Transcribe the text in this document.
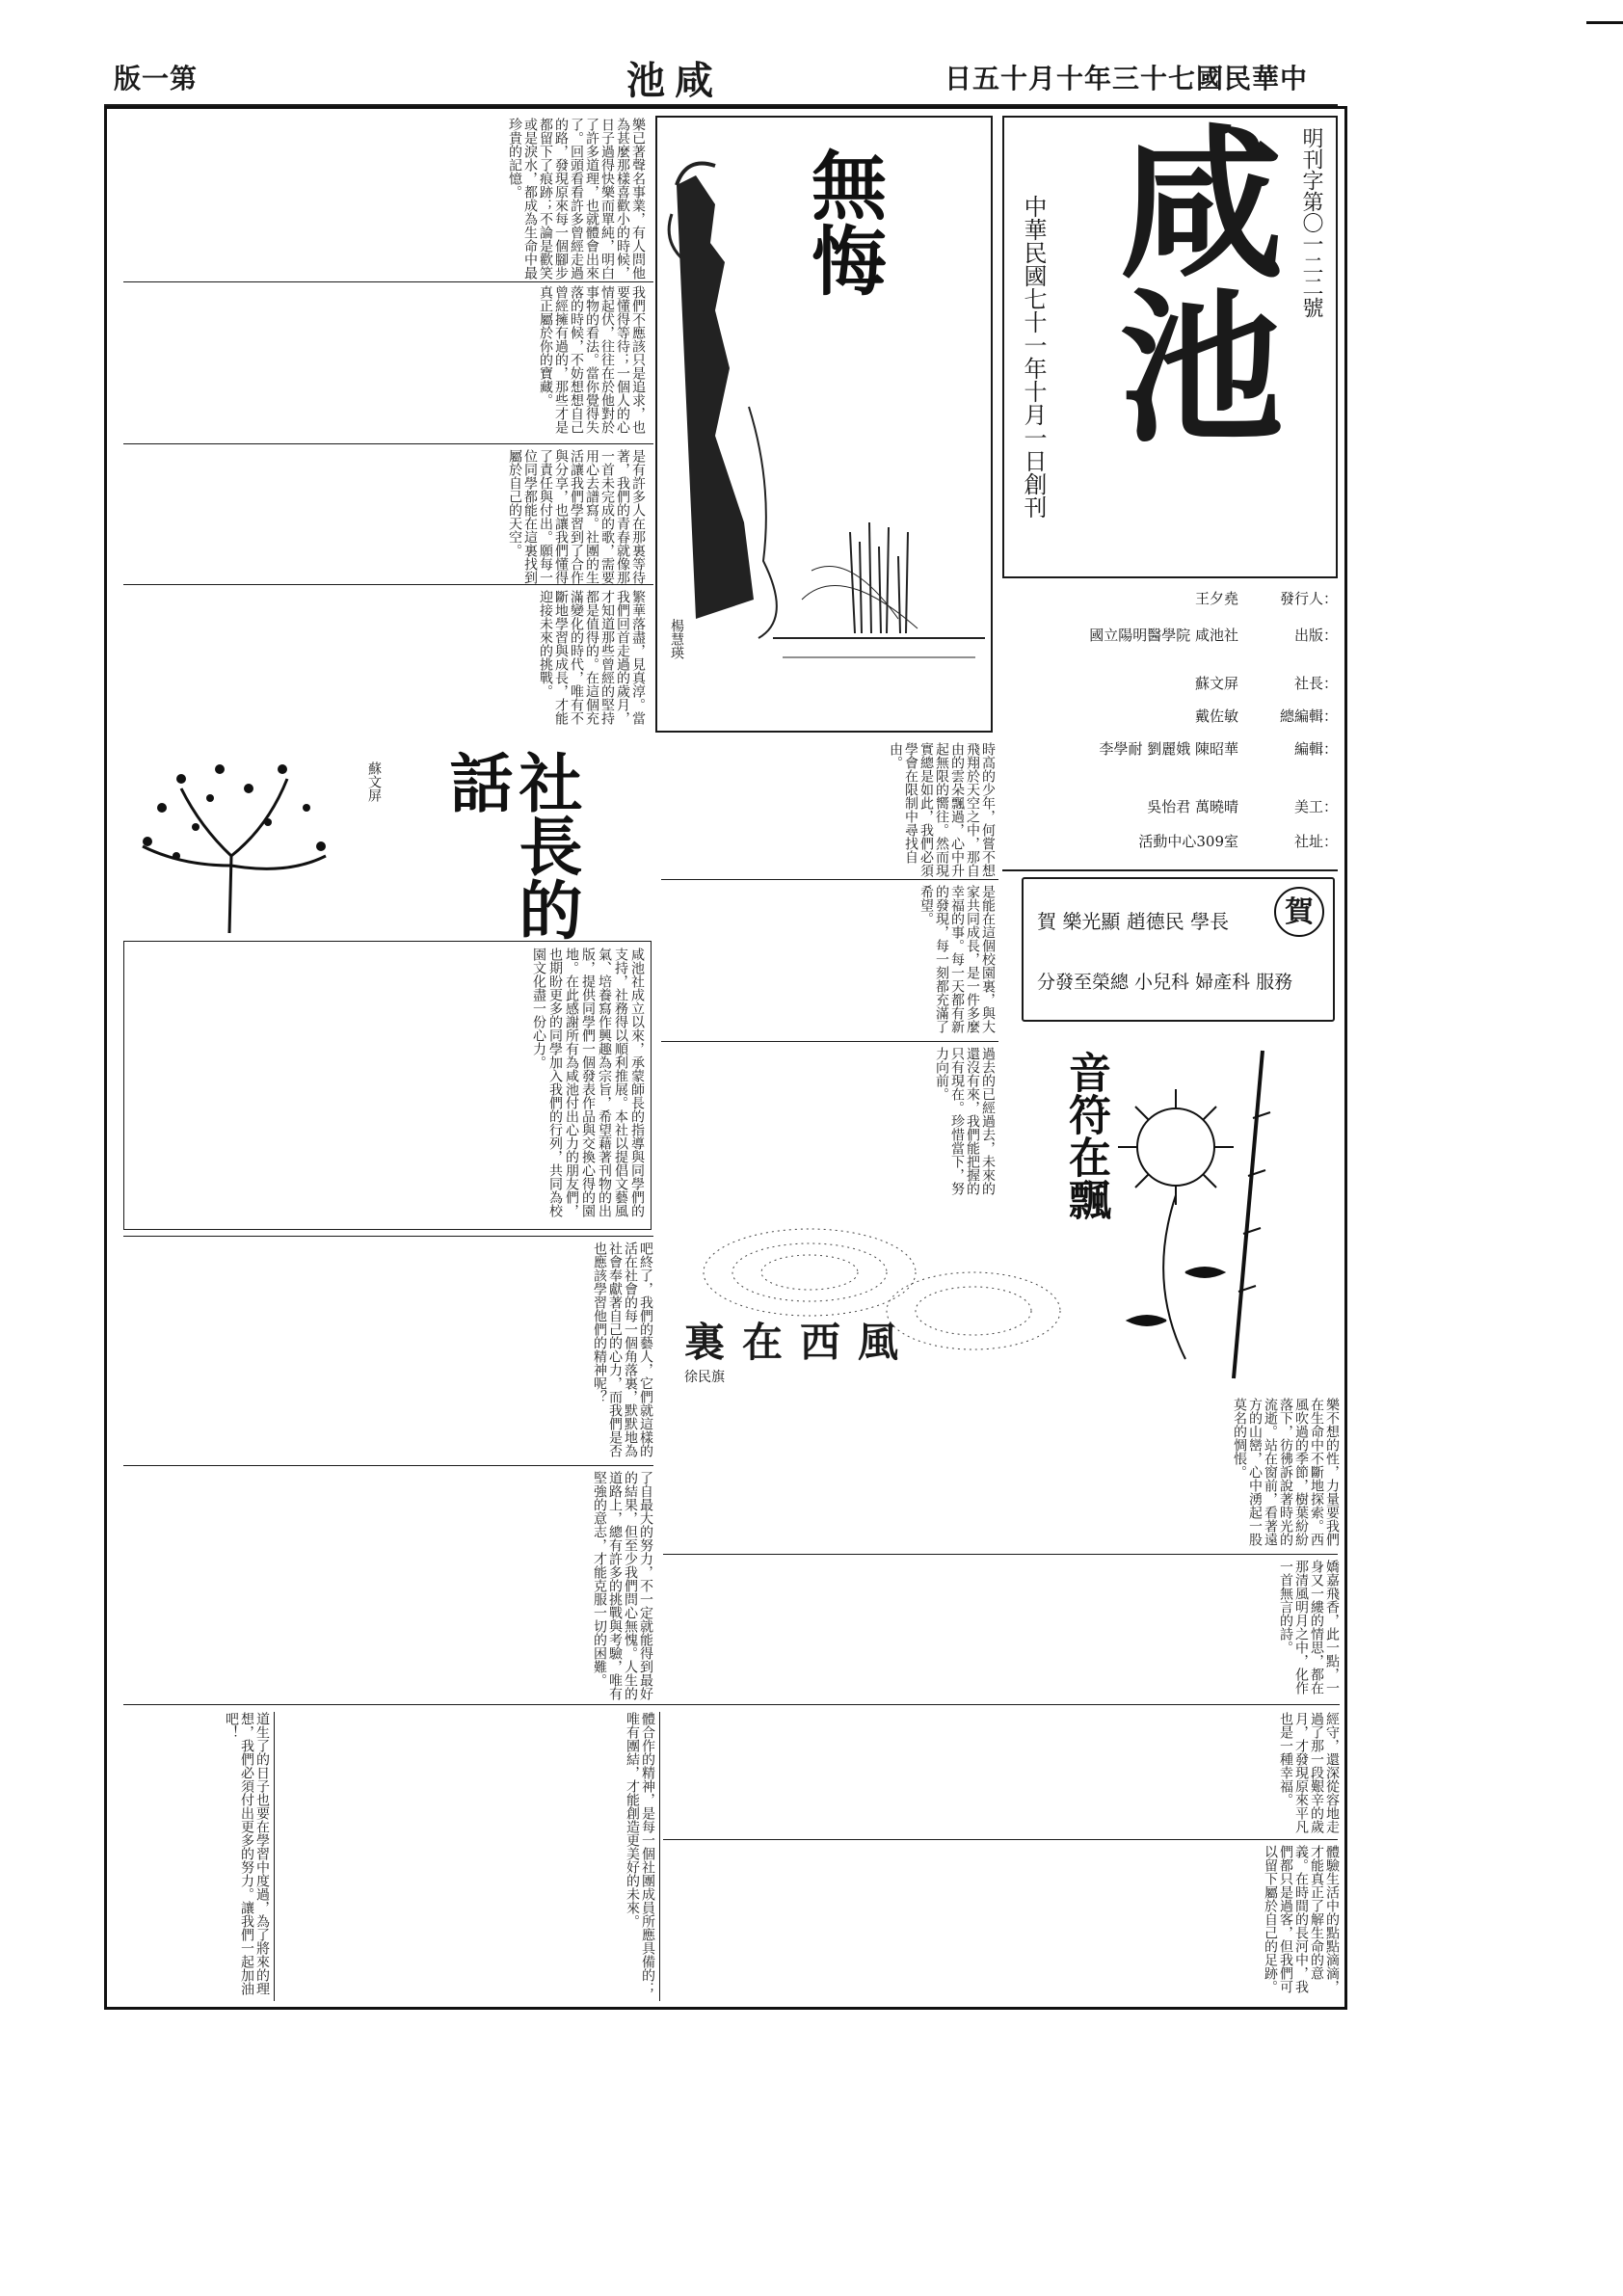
版一第	池咸	日五十月十年三十七國民華中
樂已著聲名事業，有人問他為甚麼那樣喜歡小的時候，日子過得快樂而單純，明白了許多道理，也就體會出來了。回頭看看許多曾經走過的路，發現原來每一個腳步都留下了痕跡；不論是歡笑或是淚水，都成為生命中最珍貴的記憶。
我們不應該只是追求，也要懂得等待；一個人的心情起伏，往往在於他對於事物的看法。當你覺得失落的時候，不妨想想自己曾經擁有過的，那些才是真正屬於你的寶藏。
是有許多人在那裏等待著，我們的青春就像那一首未完成的歌，需要用心去譜寫。社團的生活讓我們學習到了合作與分享，也讓我們懂得了責任與付出。願每一位同學都能在這裏找到屬於自己的天空。
繁華落盡，見真淳。當我們回首走過的歲月，才知道那些曾經的堅持都是值得的。在這個充滿變化的時代，唯有不斷地學習與成長，才能迎接未來的挑戰。
無悔
楊慧瑛
中華民國七十一年十月一日創刊 咸池 明刊字第〇一二二號
王夕堯	發行人：
國立陽明醫學院 咸池社	出版：
蘇文屏	社長：
戴佐敏	總編輯：
李學耐 劉麗娥 陳昭華	編輯：
吳怡君 萬曉晴	美工：
活動中心309室	社址：
賀
賀 樂光顯 趙德民 學長
分發至榮總 小兒科 婦產科 服務
社長的話
蘇文屏
咸池社成立以來，承蒙師長的指導與同學們的支持，社務得以順利推展。本社以提倡文藝風氣、培養寫作興趣為宗旨，希望藉著刊物的出版，提供同學們一個發表作品與交換心得的園地。在此感謝所有為咸池付出心力的朋友們，也期盼更多的同學加入我們的行列，共同為校園文化盡一份心力。
時高的少年，何嘗不想飛翔於天空之中，那自由的雲朵飄過，心中升起無限的嚮往。然而現實總是如此，我們必須學會在限制中尋找自由。
是能在這個校園裏，與大家共同成長，是一件多麼幸福的事。每一天都有新的發現，每一刻都充滿了希望。
過去的已經過去，未來的還沒有來，我們能把握的只有現在。珍惜當下，努力向前。	音符在飄
裏在西風
徐民旗
樂不想的性，力量要我們在生命中不斷地探索。西風吹過的季節，樹葉紛紛落下，彷彿訴說著時光的流逝。站在窗前，看著遠方的山巒，心中湧起一股莫名的惆悵。
吧終了，我們的藝人，它們就這樣的活在社會的每一個角落裏，默默地為社會奉獻著自己的心力，而我們是否也應該學習他們的精神呢？
了自最大的努力，不一定就能得到最好的結果，但至少我們問心無愧。人生的道路上，總有許多的挑戰與考驗，唯有堅強的意志，才能克服一切的困難。	嬌嘉飛香，此一點，一身又一縷的情思，都在那清風明月之中，化作一首無言的詩。
道生了的日子也要在學習中度過，為了將來的理想，我們必須付出更多的努力。讓我們一起加油吧！	體合作的精神，是每一個社團成員所應具備的；唯有團結，才能創造更美好的未來。	經守，還深從容地走過了那一段艱辛的歲月，才發現原來平凡也是一種幸福。
體驗生活中的點點滴滴，才能真正了解生命的意義。在時間的長河中，我們都只是過客，但我們可以留下屬於自己的足跡。
